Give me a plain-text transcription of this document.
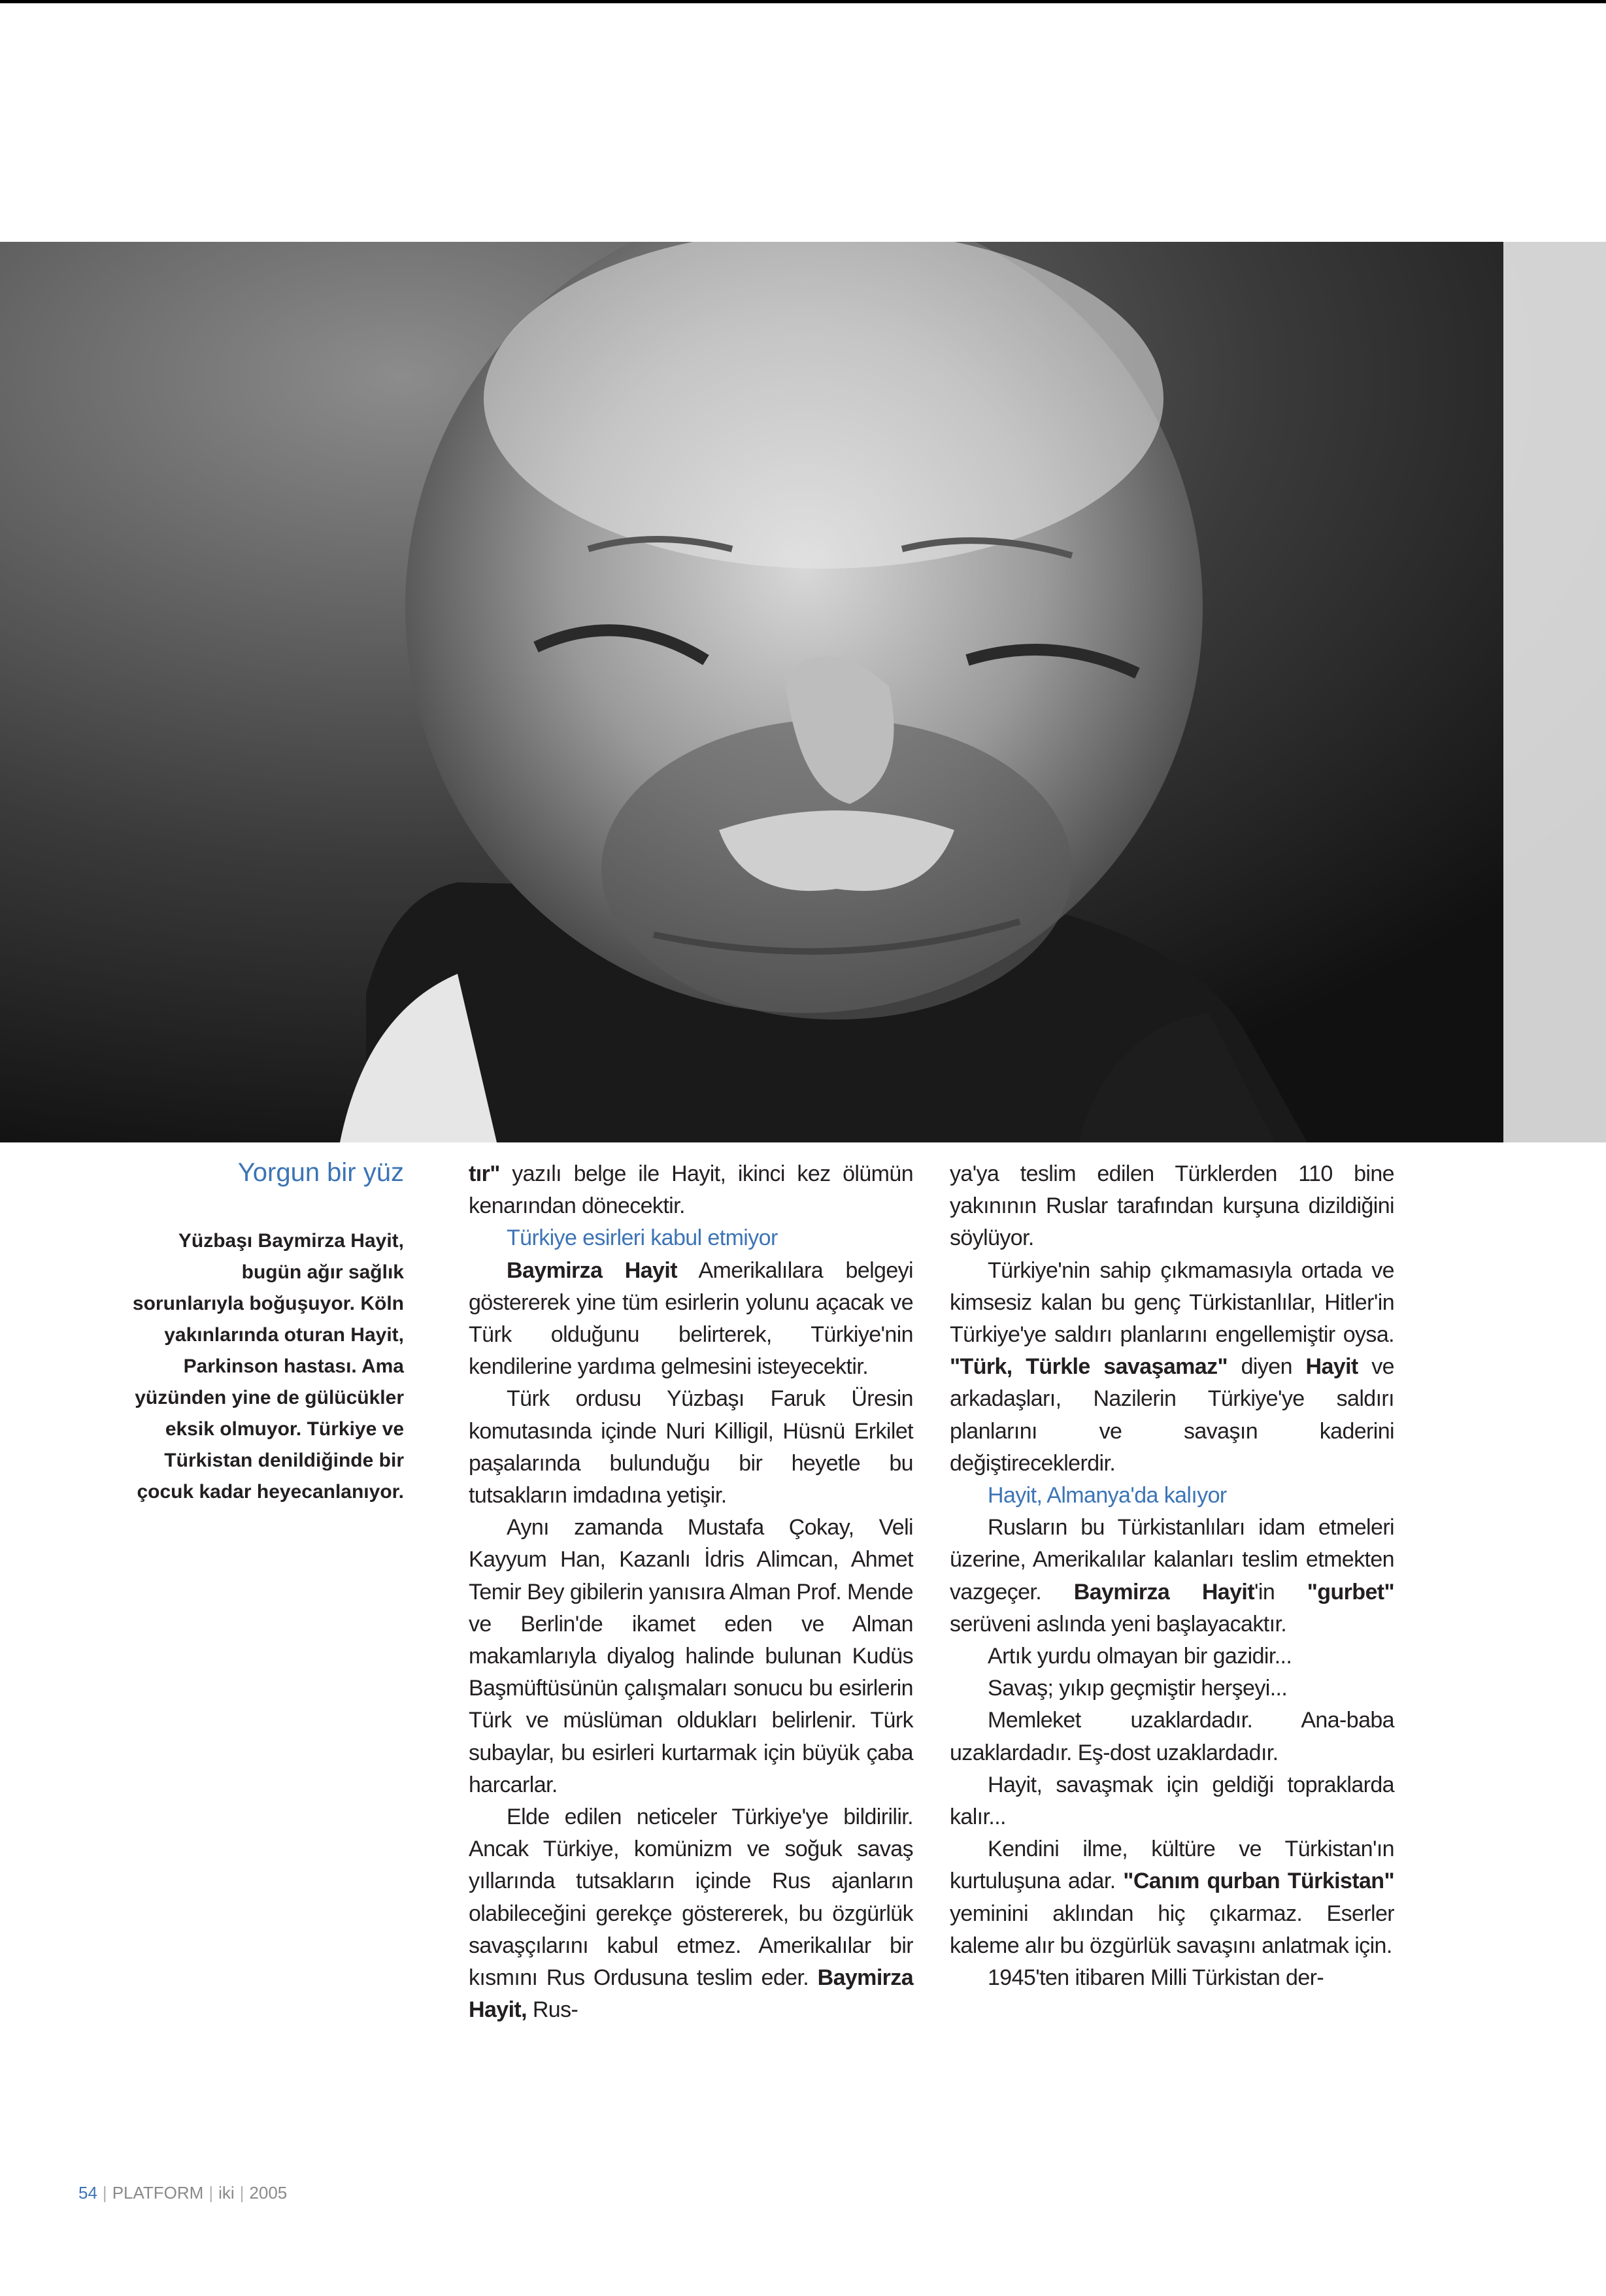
Yorgun bir yüz

Yüzbaşı Baymirza Hayit, bugün ağır sağlık sorunlarıyla boğuşuyor. Köln yakınlarında oturan Hayit, Parkinson hastası. Ama yüzünden yine de gülücükler eksik olmuyor. Türkiye ve Türkistan denildiğinde bir çocuk kadar heyecanlanıyor.

tır" yazılı belge ile Hayit, ikinci kez ölümün kenarından dönecektir.

Türkiye esirleri kabul etmiyor

Baymirza Hayit Amerikalılara belgeyi göstererek yine tüm esirlerin yolunu açacak ve Türk olduğunu belirterek, Türkiye'nin kendilerine yardıma gelmesini isteyecektir.

Türk ordusu Yüzbaşı Faruk Üresin komutasında içinde Nuri Killigil, Hüsnü Erkilet paşalarında bulunduğu bir heyetle bu tutsakların imdadına yetişir.

Aynı zamanda Mustafa Çokay, Veli Kayyum Han, Kazanlı İdris Alimcan, Ahmet Temir Bey gibilerin yanısıra Alman Prof. Mende ve Berlin'de ikamet eden ve Alman makamlarıyla diyalog halinde bulunan Kudüs Başmüftüsünün çalışmaları sonucu bu esirlerin Türk ve müslüman oldukları belirlenir. Türk subaylar, bu esirleri kurtarmak için büyük çaba harcarlar.

Elde edilen neticeler Türkiye'ye bildirilir. Ancak Türkiye, komünizm ve soğuk savaş yıllarında tutsakların içinde Rus ajanların olabileceğini gerekçe göstererek, bu özgürlük savaşçılarını kabul etmez. Amerikalılar bir kısmını Rus Ordusuna teslim eder. Baymirza Hayit, Rus-

ya'ya teslim edilen Türklerden 110 bine yakınının Ruslar tarafından kurşuna dizildiğini söylüyor.

Türkiye'nin sahip çıkmamasıyla ortada ve kimsesiz kalan bu genç Türkistanlılar, Hitler'in Türkiye'ye saldırı planlarını engellemiştir oysa. "Türk, Türkle savaşamaz" diyen Hayit ve arkadaşları, Nazilerin Türkiye'ye saldırı planlarını ve savaşın kaderini değiştireceklerdir.

Hayit, Almanya'da kalıyor

Rusların bu Türkistanlıları idam etmeleri üzerine, Amerikalılar kalanları teslim etmekten vazgeçer. Baymirza Hayit'in "gurbet" serüveni aslında yeni başlayacaktır.

Artık yurdu olmayan bir gazidir...

Savaş; yıkıp geçmiştir herşeyi...

Memleket uzaklardadır. Ana-baba uzaklardadır. Eş-dost uzaklardadır.

Hayit, savaşmak için geldiği topraklarda kalır...

Kendini ilme, kültüre ve Türkistan'ın kurtuluşuna adar. "Canım qurban Türkistan" yeminini aklından hiç çıkarmaz. Eserler kaleme alır bu özgürlük savaşını anlatmak için.

1945'ten itibaren Milli Türkistan der-

54 | PLATFORM | iki | 2005
